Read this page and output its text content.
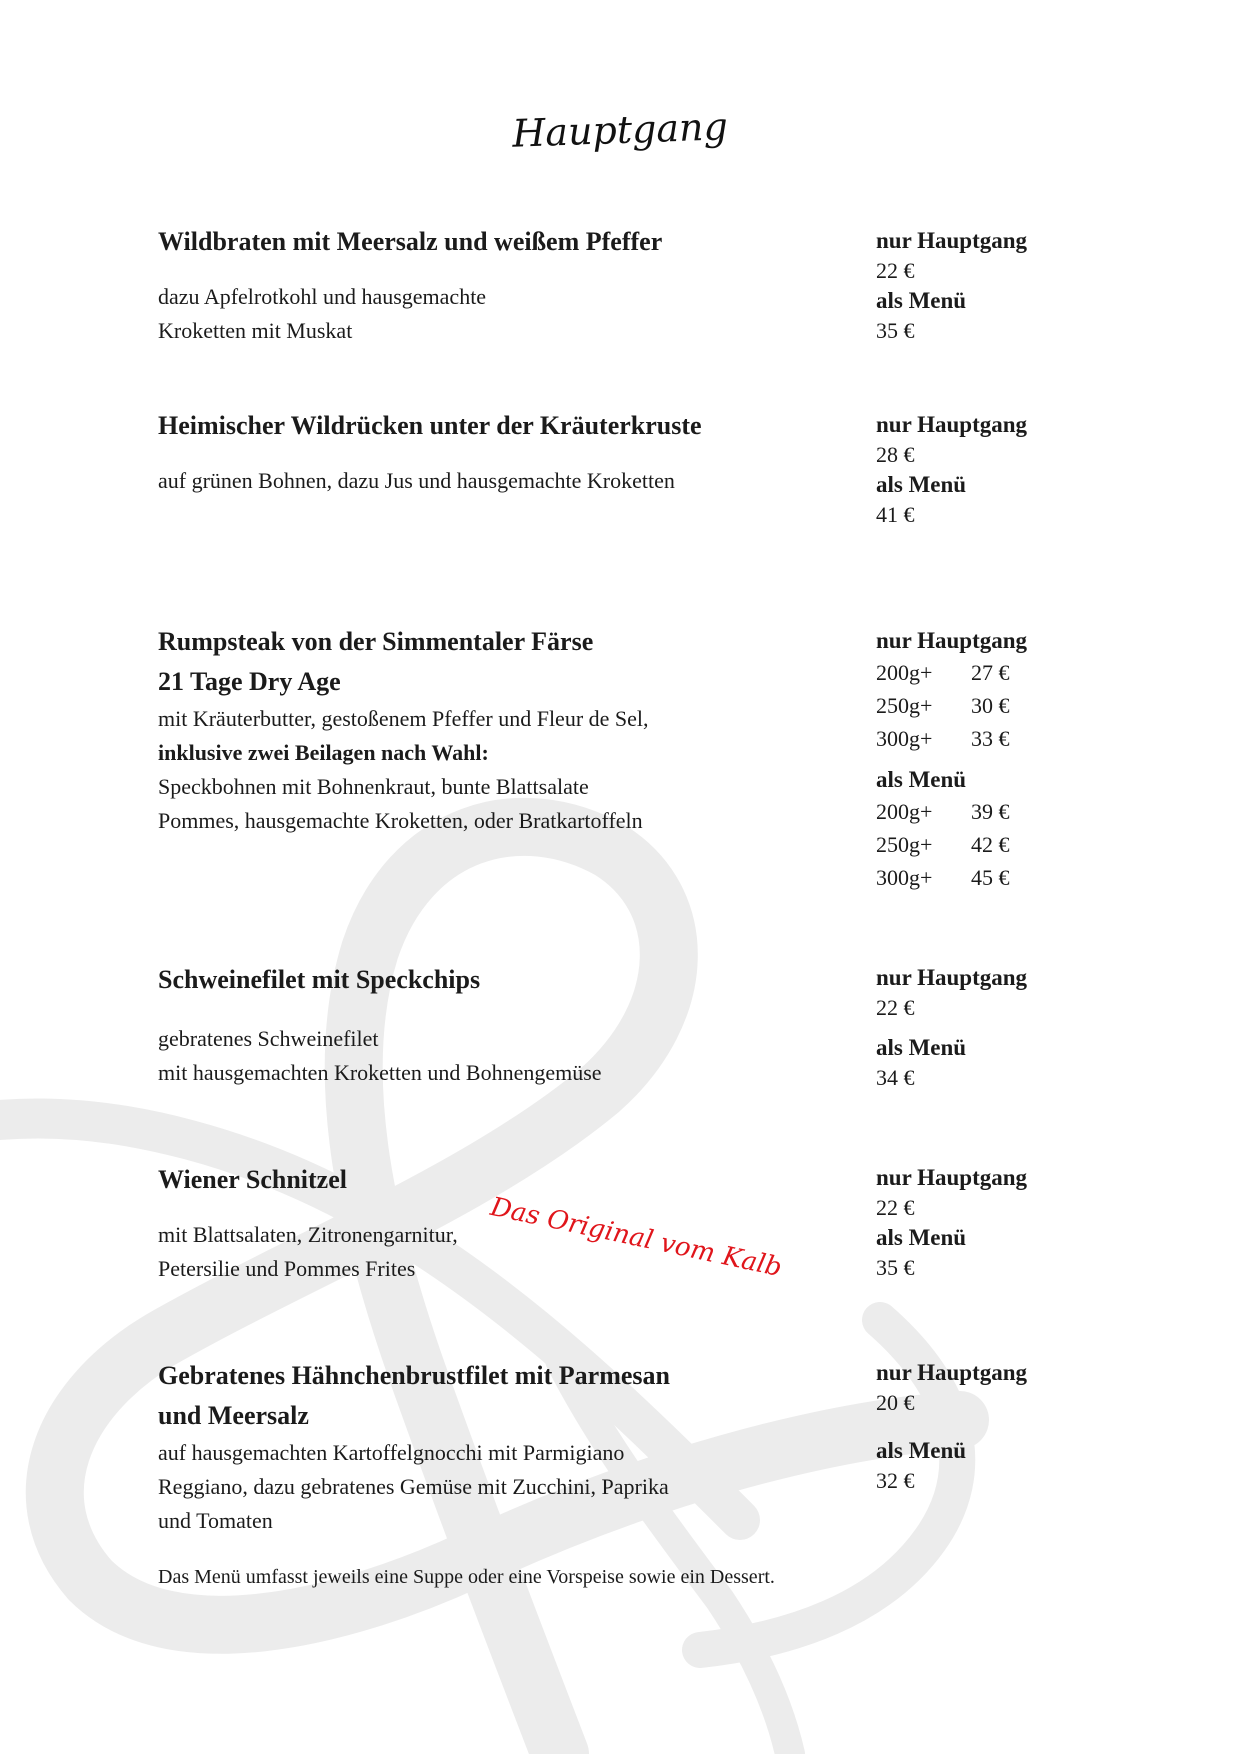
Hauptgang
Wildbraten mit Meersalz und weißem Pfeffer
dazu Apfelrotkohl und hausgemachte
Kroketten mit Muskat
nur Hauptgang
22 €
als Menü
35 €
Heimischer Wildrücken unter der Kräuterkruste
auf grünen Bohnen, dazu Jus und hausgemachte Kroketten
nur Hauptgang
28 €
als Menü
41 €
Rumpsteak von der Simmentaler Färse
21 Tage Dry Age
mit Kräuterbutter, gestoßenem Pfeffer und Fleur de Sel,
inklusive zwei Beilagen nach Wahl:
Speckbohnen mit Bohnenkraut, bunte Blattsalate
Pommes, hausgemachte Kroketten, oder Bratkartoffeln
nur Hauptgang
200g+	27 €
250g+	30 €
300g+	33 €
als Menü
200g+	39 €
250g+	42 €
300g+	45 €
Schweinefilet mit Speckchips
gebratenes Schweinefilet
mit hausgemachten Kroketten und Bohnengemüse
nur Hauptgang
22 €
als Menü
34 €
Wiener Schnitzel
mit Blattsalaten, Zitronengarnitur,
Petersilie und Pommes Frites	Das Original vom Kalb
nur Hauptgang
22 €
als Menü
35 €
Gebratenes Hähnchenbrustfilet mit Parmesan
und Meersalz
auf hausgemachten Kartoffelgnocchi mit Parmigiano
Reggiano, dazu gebratenes Gemüse mit Zucchini, Paprika
und Tomaten
nur Hauptgang
20 €
als Menü
32 €
Das Menü umfasst jeweils eine Suppe oder eine Vorspeise sowie ein Dessert.
